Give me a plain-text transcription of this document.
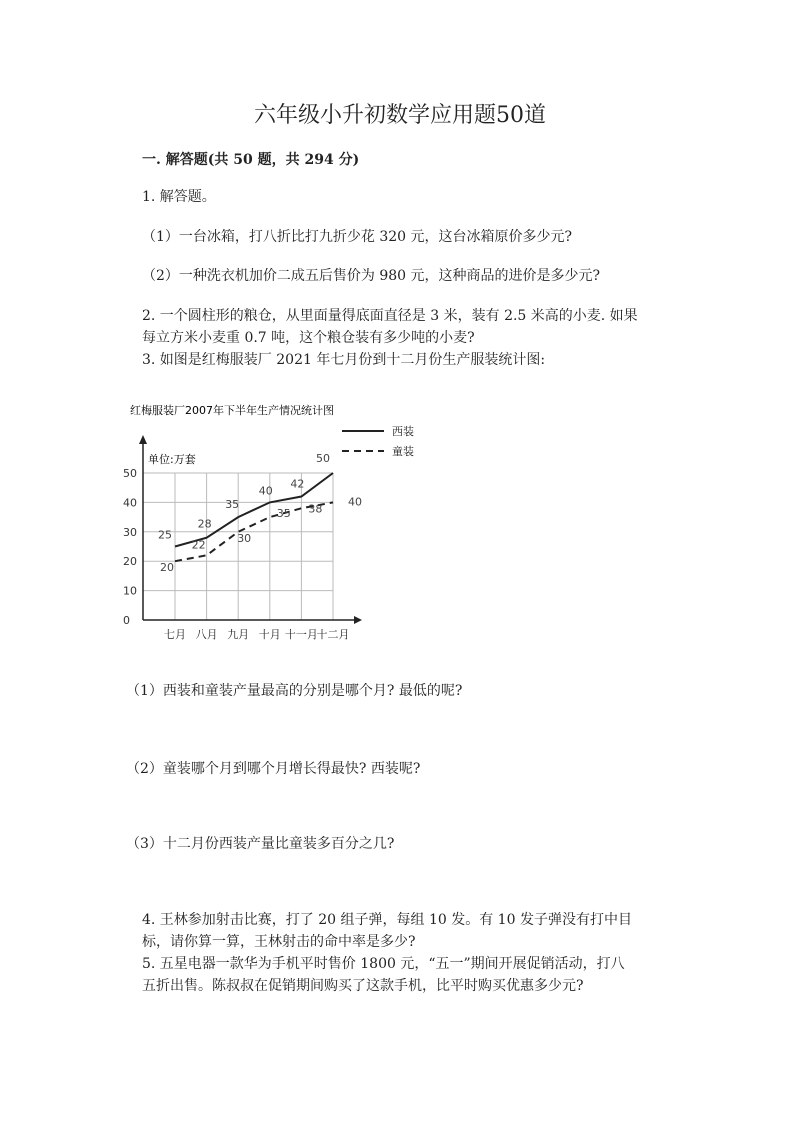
六年级小升初数学应用题50道
一. 解答题(共 50 题，共 294 分)
1. 解答题。
（1）一台冰箱，打八折比打九折少花 320 元，这台冰箱原价多少元?
（2）一种洗衣机加价二成五后售价为 980 元，这种商品的进价是多少元?
2. 一个圆柱形的粮仓，从里面量得底面直径是 3 米，装有 2.5 米高的小麦. 如果
每立方米小麦重 0.7 吨，这个粮仓装有多少吨的小麦?
3. 如图是红梅服装厂 2021 年七月份到十二月份生产服装统计图:
红梅服装厂2007年下半年生产情况统计图
单位:万套
0
10
20
30
40
50
七月 八月 九月 十月 十一月
十二月
25
28
35
40
42
50
西装
20
22
30
35 38
40
童装
（1）西装和童装产量最高的分别是哪个月? 最低的呢?
（2）童装哪个月到哪个月增长得最快? 西装呢?
（3）十二月份西装产量比童装多百分之几?
4. 王林参加射击比赛，打了 20 组子弹，每组 10 发。有 10 发子弹没有打中目
标，请你算一算，王林射击的命中率是多少?
5. 五星电器一款华为手机平时售价 1800 元，“五一”期间开展促销活动，打八
五折出售。陈叔叔在促销期间购买了这款手机，比平时购买优惠多少元?
